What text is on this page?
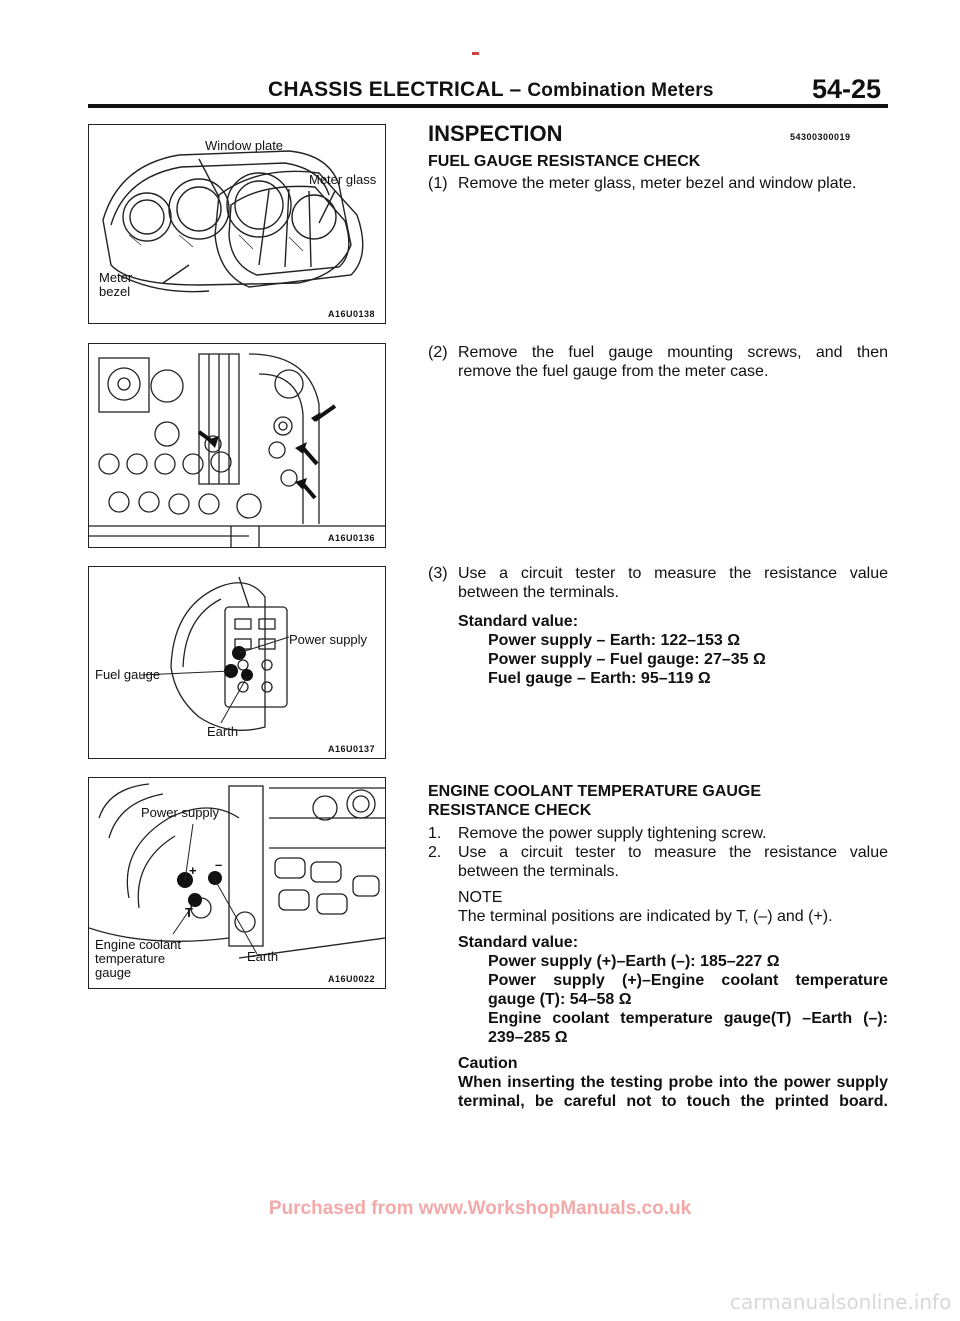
CHASSIS ELECTRICAL – Combination Meters	54-25
Window plate
Meter glass
Meter
bezel
A16U0138
A16U0136
Power supply
Fuel gauge
Earth
A16U0137
Power supply
+ –
T
Engine coolant
temperature
gauge
Earth
A16U0022
INSPECTION	54300300019
FUEL GAUGE RESISTANCE CHECK
(1) Remove the meter glass, meter bezel and window plate.
(2) Remove the fuel gauge mounting screws, and then
remove the fuel gauge from the meter case.
(3) Use a circuit tester to measure the resistance value
between the terminals.
Standard value:
Power supply – Earth: 122–153 Ω
Power supply – Fuel gauge: 27–35 Ω
Fuel gauge – Earth: 95–119 Ω
ENGINE COOLANT TEMPERATURE GAUGE
RESISTANCE CHECK
1.	Remove the power supply tightening screw.
2.	Use a circuit tester to measure the resistance value
between the terminals.
NOTE
The terminal positions are indicated by T, (–) and (+).
Standard value:
Power supply (+)–Earth (–): 185–227 Ω
Power supply (+)–Engine coolant temperature
gauge (T): 54–58 Ω
Engine coolant temperature gauge(T) –Earth (–):
239–285 Ω
Caution
When inserting the testing probe into the power supply
terminal, be careful not to touch the printed board.
Purchased from www.WorkshopManuals.co.uk
carmanualsonline.info
